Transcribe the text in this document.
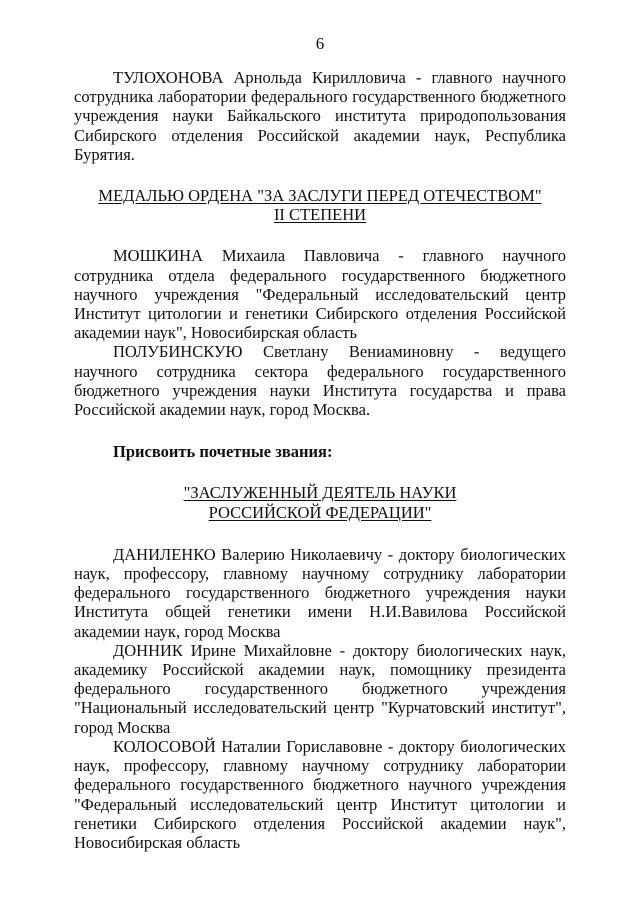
6

ТУЛОХОНОВА Арнольда Кирилловича - главного научного сотрудника лаборатории федерального государственного бюджетного учреждения науки Байкальского института природопользования Сибирского отделения Российской академии наук, Республика Бурятия.

МЕДАЛЬЮ ОРДЕНА "ЗА ЗАСЛУГИ ПЕРЕД ОТЕЧЕСТВОМ"
II СТЕПЕНИ

МОШКИНА Михаила Павловича - главного научного сотрудника отдела федерального государственного бюджетного научного учреждения "Федеральный исследовательский центр Институт цитологии и генетики Сибирского отделения Российской академии наук", Новосибирская область

ПОЛУБИНСКУЮ Светлану Вениаминовну - ведущего научного сотрудника сектора федерального государственного бюджетного учреждения науки Института государства и права Российской академии наук, город Москва.

Присвоить почетные звания:

"ЗАСЛУЖЕННЫЙ ДЕЯТЕЛЬ НАУКИ
РОССИЙСКОЙ ФЕДЕРАЦИИ"

ДАНИЛЕНКО Валерию Николаевичу - доктору биологических наук, профессору, главному научному сотруднику лаборатории федерального государственного бюджетного учреждения науки Института общей генетики имени Н.И.Вавилова Российской академии наук, город Москва

ДОННИК Ирине Михайловне - доктору биологических наук, академику Российской академии наук, помощнику президента федерального государственного бюджетного учреждения "Национальный исследовательский центр "Курчатовский институт", город Москва

КОЛОСОВОЙ Наталии Гориславовне - доктору биологических наук, профессору, главному научному сотруднику лаборатории федерального государственного бюджетного научного учреждения "Федеральный исследовательский центр Институт цитологии и генетики Сибирского отделения Российской академии наук", Новосибирская область
